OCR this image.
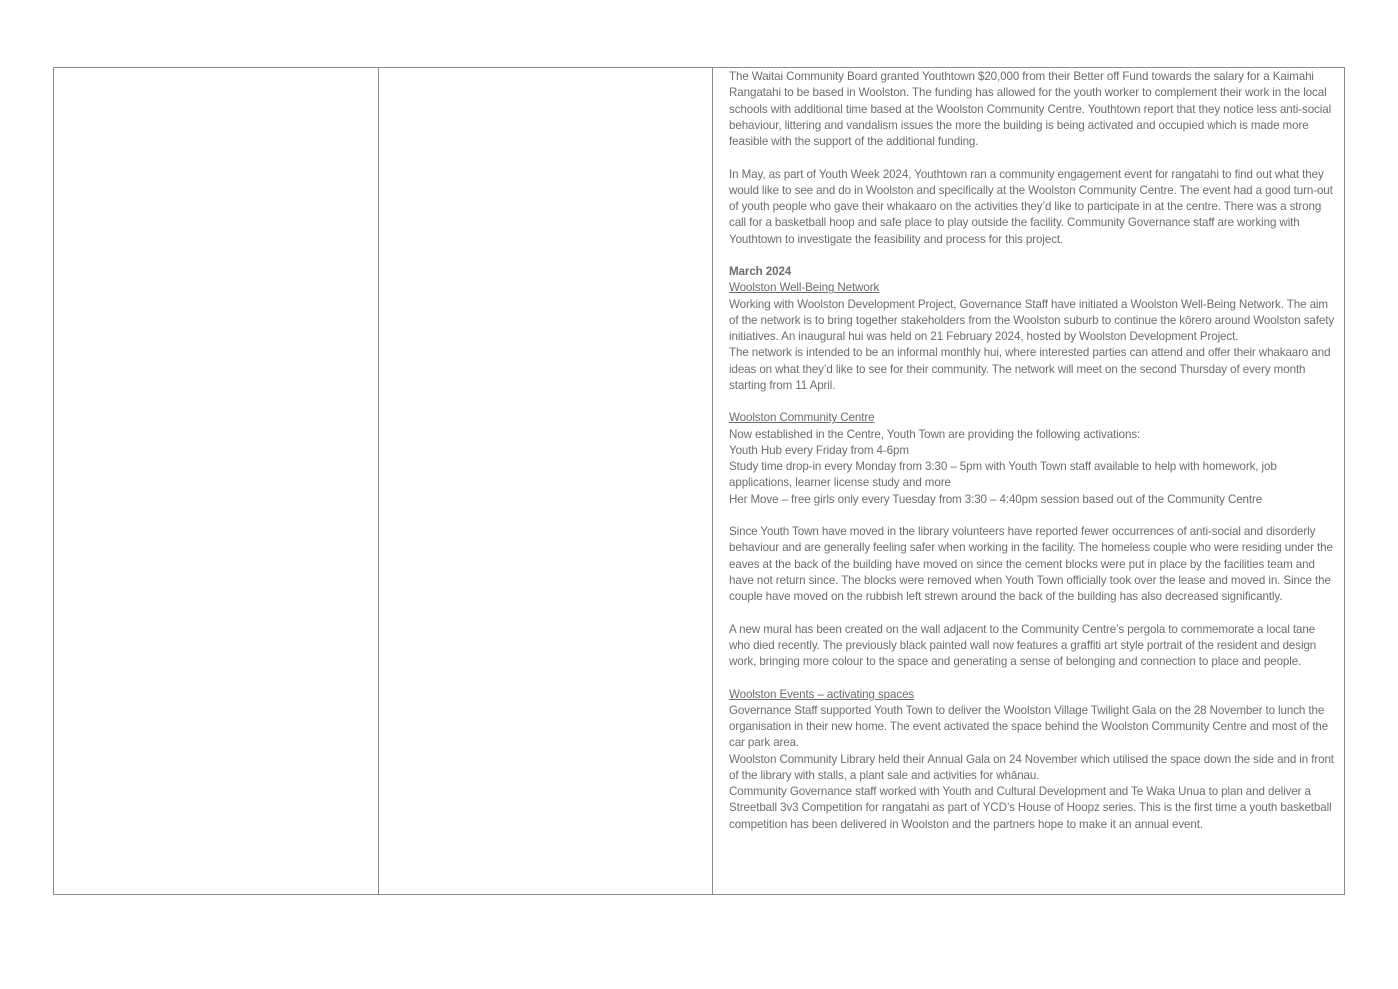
The Waitai Community Board granted Youthtown $20,000 from their Better off Fund towards the salary for a Kaimahi Rangatahi to be based in Woolston. The funding has allowed for the youth worker to complement their work in the local schools with additional time based at the Woolston Community Centre. Youthtown report that they notice less anti-social behaviour, littering and vandalism issues the more the building is being activated and occupied which is made more feasible with the support of the additional funding.

In May, as part of Youth Week 2024, Youthtown ran a community engagement event for rangatahi to find out what they would like to see and do in Woolston and specifically at the Woolston Community Centre. The event had a good turn-out of youth people who gave their whakaaro on the activities they’d like to participate in at the centre. There was a strong call for a basketball hoop and safe place to play outside the facility. Community Governance staff are working with Youthtown to investigate the feasibility and process for this project.

March 2024

Woolston Well-Being Network

Working with Woolston Development Project, Governance Staff have initiated a Woolston Well-Being Network. The aim of the network is to bring together stakeholders from the Woolston suburb to continue the kōrero around Woolston safety initiatives. An inaugural hui was held on 21 February 2024, hosted by Woolston Development Project.

The network is intended to be an informal monthly hui, where interested parties can attend and offer their whakaaro and ideas on what they’d like to see for their community. The network will meet on the second Thursday of every month starting from 11 April.

Woolston Community Centre

Now established in the Centre, Youth Town are providing the following activations:

Youth Hub every Friday from 4-6pm

Study time drop-in every Monday from 3:30 – 5pm with Youth Town staff available to help with homework, job applications, learner license study and more

Her Move – free girls only every Tuesday from 3:30 – 4:40pm session based out of the Community Centre

Since Youth Town have moved in the library volunteers have reported fewer occurrences of anti-social and disorderly behaviour and are generally feeling safer when working in the facility. The homeless couple who were residing under the eaves at the back of the building have moved on since the cement blocks were put in place by the facilities team and have not return since. The blocks were removed when Youth Town officially took over the lease and moved in. Since the couple have moved on the rubbish left strewn around the back of the building has also decreased significantly.

A new mural has been created on the wall adjacent to the Community Centre’s pergola to commemorate a local tane who died recently. The previously black painted wall now features a graffiti art style portrait of the resident and design work, bringing more colour to the space and generating a sense of belonging and connection to place and people.

Woolston Events – activating spaces

Governance Staff supported Youth Town to deliver the Woolston Village Twilight Gala on the 28 November to lunch the organisation in their new home. The event activated the space behind the Woolston Community Centre and most of the car park area.

Woolston Community Library held their Annual Gala on 24 November which utilised the space down the side and in front of the library with stalls, a plant sale and activities for whānau.

Community Governance staff worked with Youth and Cultural Development and Te Waka Unua to plan and deliver a Streetball 3v3 Competition for rangatahi as part of YCD’s House of Hoopz series. This is the first time a youth basketball competition has been delivered in Woolston and the partners hope to make it an annual event.
